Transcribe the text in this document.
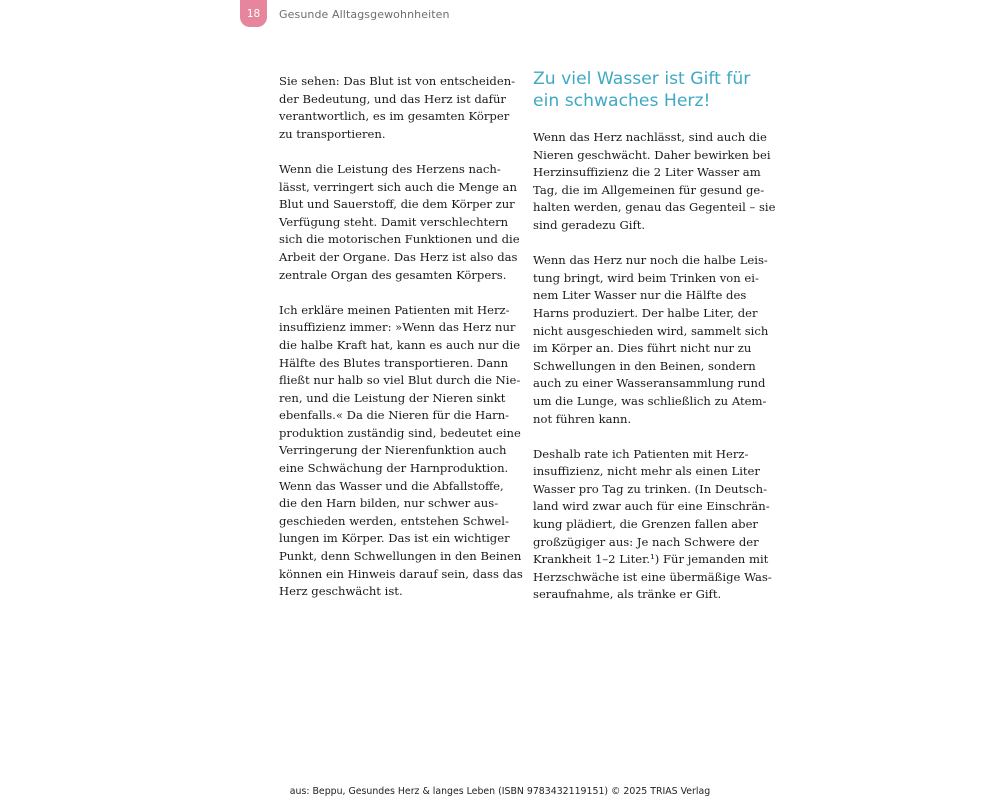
18	Gesunde Alltagsgewohnheiten

Sie sehen: Das Blut ist von entscheiden-
der Bedeutung, und das Herz ist dafür
verantwortlich, es im gesamten Körper
zu transportieren.

Wenn die Leistung des Herzens nach-
lässt, verringert sich auch die Menge an
Blut und Sauerstoff, die dem Körper zur
Verfügung steht. Damit verschlechtern
sich die motorischen Funktionen und die
Arbeit der Organe. Das Herz ist also das
zentrale Organ des gesamten Körpers.

Ich erkläre meinen Patienten mit Herz-
insuffizienz immer: »Wenn das Herz nur
die halbe Kraft hat, kann es auch nur die
Hälfte des Blutes transportieren. Dann
fließt nur halb so viel Blut durch die Nie-
ren, und die Leistung der Nieren sinkt
ebenfalls.« Da die Nieren für die Harn-
produktion zuständig sind, bedeutet eine
Verringerung der Nierenfunktion auch
eine Schwächung der Harnproduktion.
Wenn das Wasser und die Abfallstoffe,
die den Harn bilden, nur schwer aus-
geschieden werden, entstehen Schwel-
lungen im Körper. Das ist ein wichtiger
Punkt, denn Schwellungen in den Beinen
können ein Hinweis darauf sein, dass das
Herz geschwächt ist.

Zu viel Wasser ist Gift für
ein schwaches Herz!

Wenn das Herz nachlässt, sind auch die
Nieren geschwächt. Daher bewirken bei
Herzinsuffizienz die 2 Liter Wasser am
Tag, die im Allgemeinen für gesund ge-
halten werden, genau das Gegenteil – sie
sind geradezu Gift.

Wenn das Herz nur noch die halbe Leis-
tung bringt, wird beim Trinken von ei-
nem Liter Wasser nur die Hälfte des
Harns produziert. Der halbe Liter, der
nicht ausgeschieden wird, sammelt sich
im Körper an. Dies führt nicht nur zu
Schwellungen in den Beinen, sondern
auch zu einer Wasseransammlung rund
um die Lunge, was schließlich zu Atem-
not führen kann.

Deshalb rate ich Patienten mit Herz-
insuffizienz, nicht mehr als einen Liter
Wasser pro Tag zu trinken. (In Deutsch-
land wird zwar auch für eine Einschrän-
kung plädiert, die Grenzen fallen aber
großzügiger aus: Je nach Schwere der
Krankheit 1–2 Liter.¹) Für jemanden mit
Herzschwäche ist eine übermäßige Was-
seraufnahme, als tränke er Gift.

aus: Beppu, Gesundes Herz & langes Leben (ISBN 9783432119151) © 2025 TRIAS Verlag
